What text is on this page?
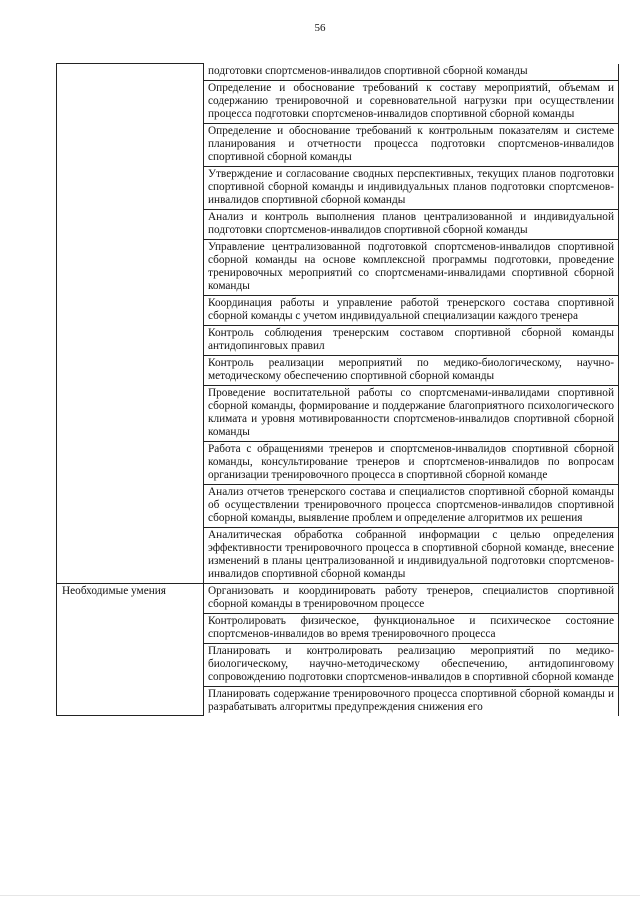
56
	подготовки спортсменов-инвалидов спортивной сборной команды
	Определение и обоснование требований к составу мероприятий, объемам и содержанию тренировочной и соревновательной нагрузки при осуществлении процесса подготовки спортсменов-инвалидов спортивной сборной команды
	Определение и обоснование требований к контрольным показателям и системе планирования и отчетности процесса подготовки спортсменов-инвалидов спортивной сборной команды
	Утверждение и согласование сводных перспективных, текущих планов подготовки спортивной сборной команды и индивидуальных планов подготовки спортсменов-инвалидов спортивной сборной команды
	Анализ и контроль выполнения планов централизованной и индивидуальной подготовки спортсменов-инвалидов спортивной сборной команды
	Управление централизованной подготовкой спортсменов-инвалидов спортивной сборной команды на основе комплексной программы подготовки, проведение тренировочных мероприятий со спортсменами-инвалидами спортивной сборной команды
	Координация работы и управление работой тренерского состава спортивной сборной команды с учетом индивидуальной специализации каждого тренера
	Контроль соблюдения тренерским составом спортивной сборной команды антидопинговых правил
	Контроль реализации мероприятий по медико-биологическому, научно-методическому обеспечению спортивной сборной команды
	Проведение воспитательной работы со спортсменами-инвалидами спортивной сборной команды, формирование и поддержание благоприятного психологического климата и уровня мотивированности спортсменов-инвалидов спортивной сборной команды
	Работа с обращениями тренеров и спортсменов-инвалидов спортивной сборной команды, консультирование тренеров и спортсменов-инвалидов по вопросам организации тренировочного процесса в спортивной сборной команде
	Анализ отчетов тренерского состава и специалистов спортивной сборной команды об осуществлении тренировочного процесса спортсменов-инвалидов спортивной сборной команды, выявление проблем и определение алгоритмов их решения
	Аналитическая обработка собранной информации с целью определения эффективности тренировочного процесса в спортивной сборной команде, внесение изменений в планы централизованной и индивидуальной подготовки спортсменов-инвалидов спортивной сборной команды
Необходимые умения	Организовать и координировать работу тренеров, специалистов спортивной сборной команды в тренировочном процессе
	Контролировать физическое, функциональное и психическое состояние спортсменов-инвалидов во время тренировочного процесса
	Планировать и контролировать реализацию мероприятий по медико-биологическому, научно-методическому обеспечению, антидопинговому сопровождению подготовки спортсменов-инвалидов в спортивной сборной команде
	Планировать содержание тренировочного процесса спортивной сборной команды и разрабатывать алгоритмы предупреждения снижения его
